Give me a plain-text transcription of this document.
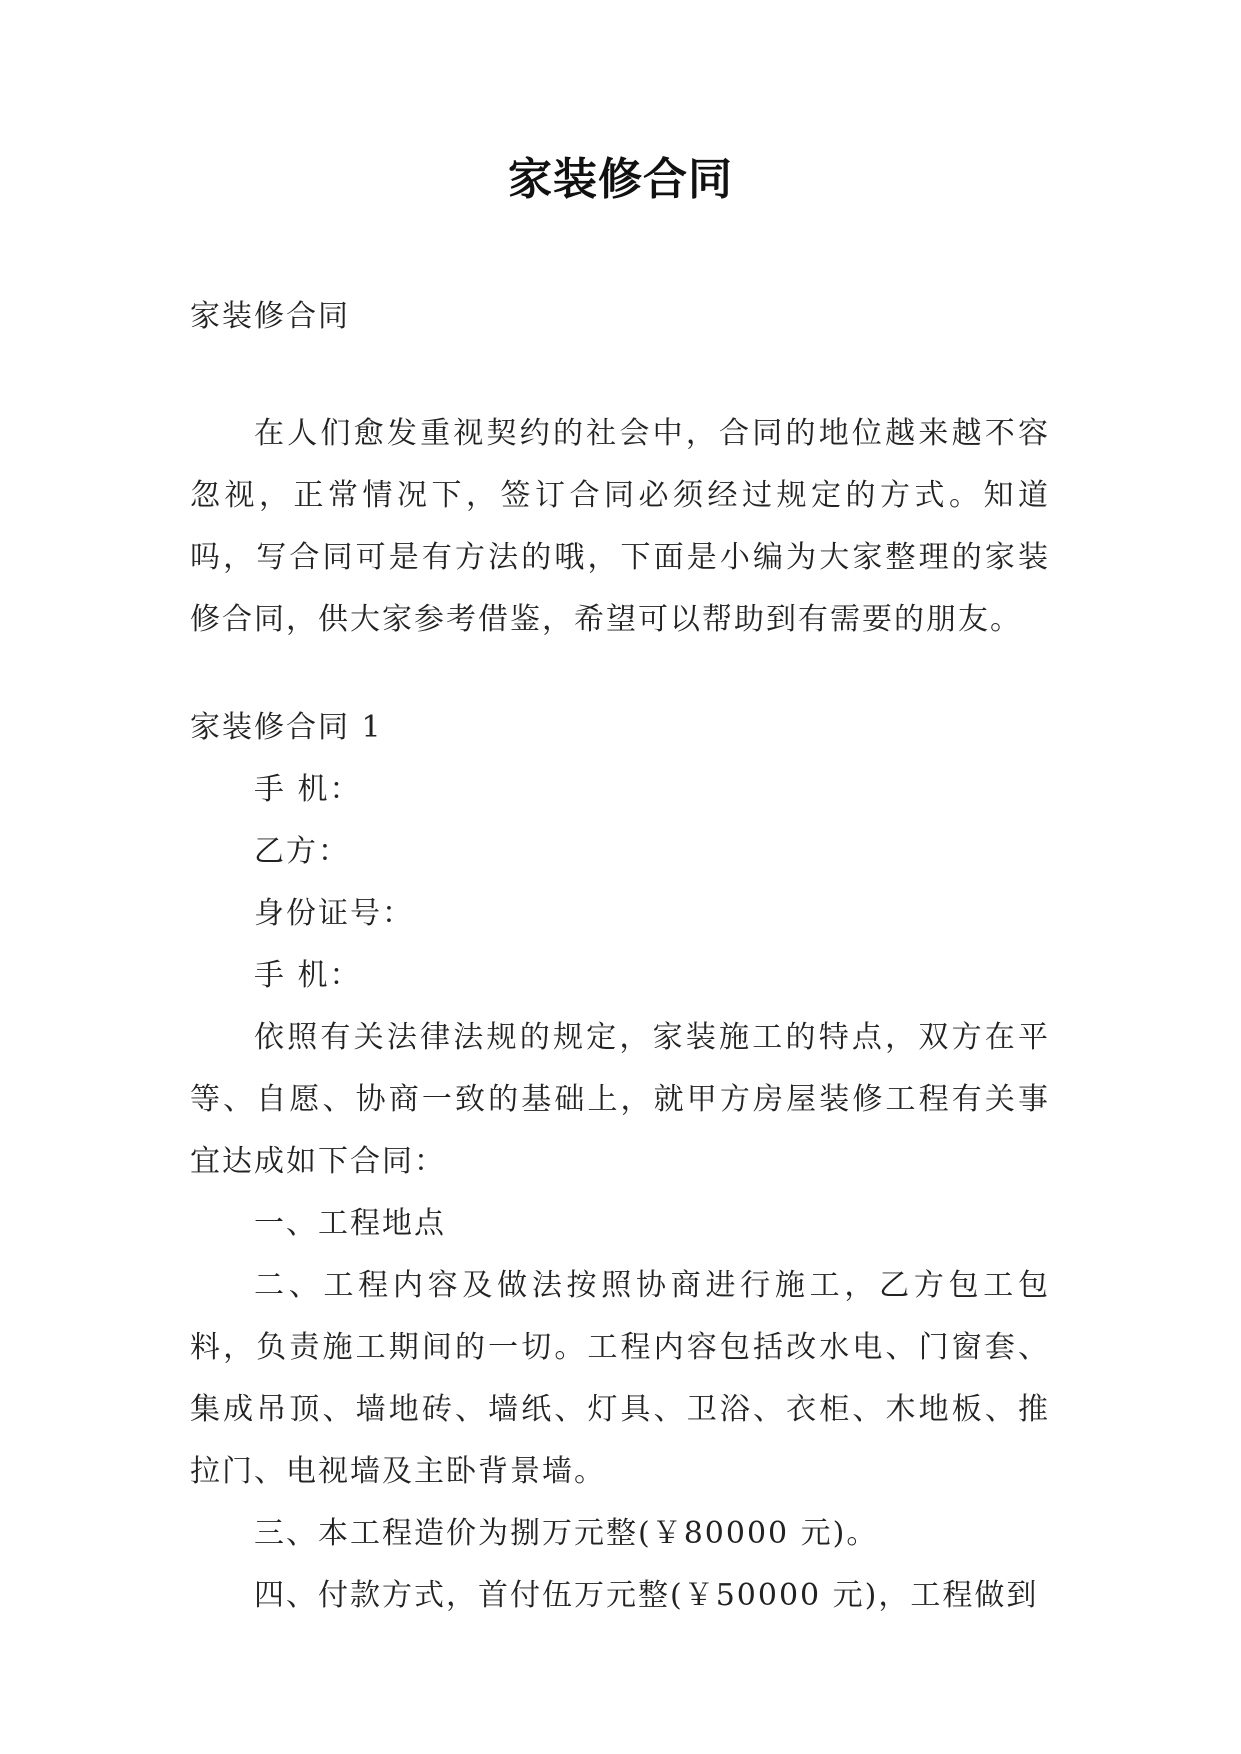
家装修合同
家装修合同
在人们愈发重视契约的社会中，合同的地位越来越不容忽视，正常情况下，签订合同必须经过规定的方式。知道吗，写合同可是有方法的哦，下面是小编为大家整理的家装修合同，供大家参考借鉴，希望可以帮助到有需要的朋友。

家装修合同 1

手 机：

乙方：

身份证号：

手 机：

依照有关法律法规的规定，家装施工的特点，双方在平等、自愿、协商一致的基础上，就甲方房屋装修工程有关事宜达成如下合同：

一、工程地点

二、工程内容及做法按照协商进行施工，乙方包工包料，负责施工期间的一切。工程内容包括改水电、门窗套、集成吊顶、墙地砖、墙纸、灯具、卫浴、衣柜、木地板、推拉门、电视墙及主卧背景墙。

三、本工程造价为捌万元整(￥80000 元)。

四、付款方式，首付伍万元整(￥50000 元)，工程做到
